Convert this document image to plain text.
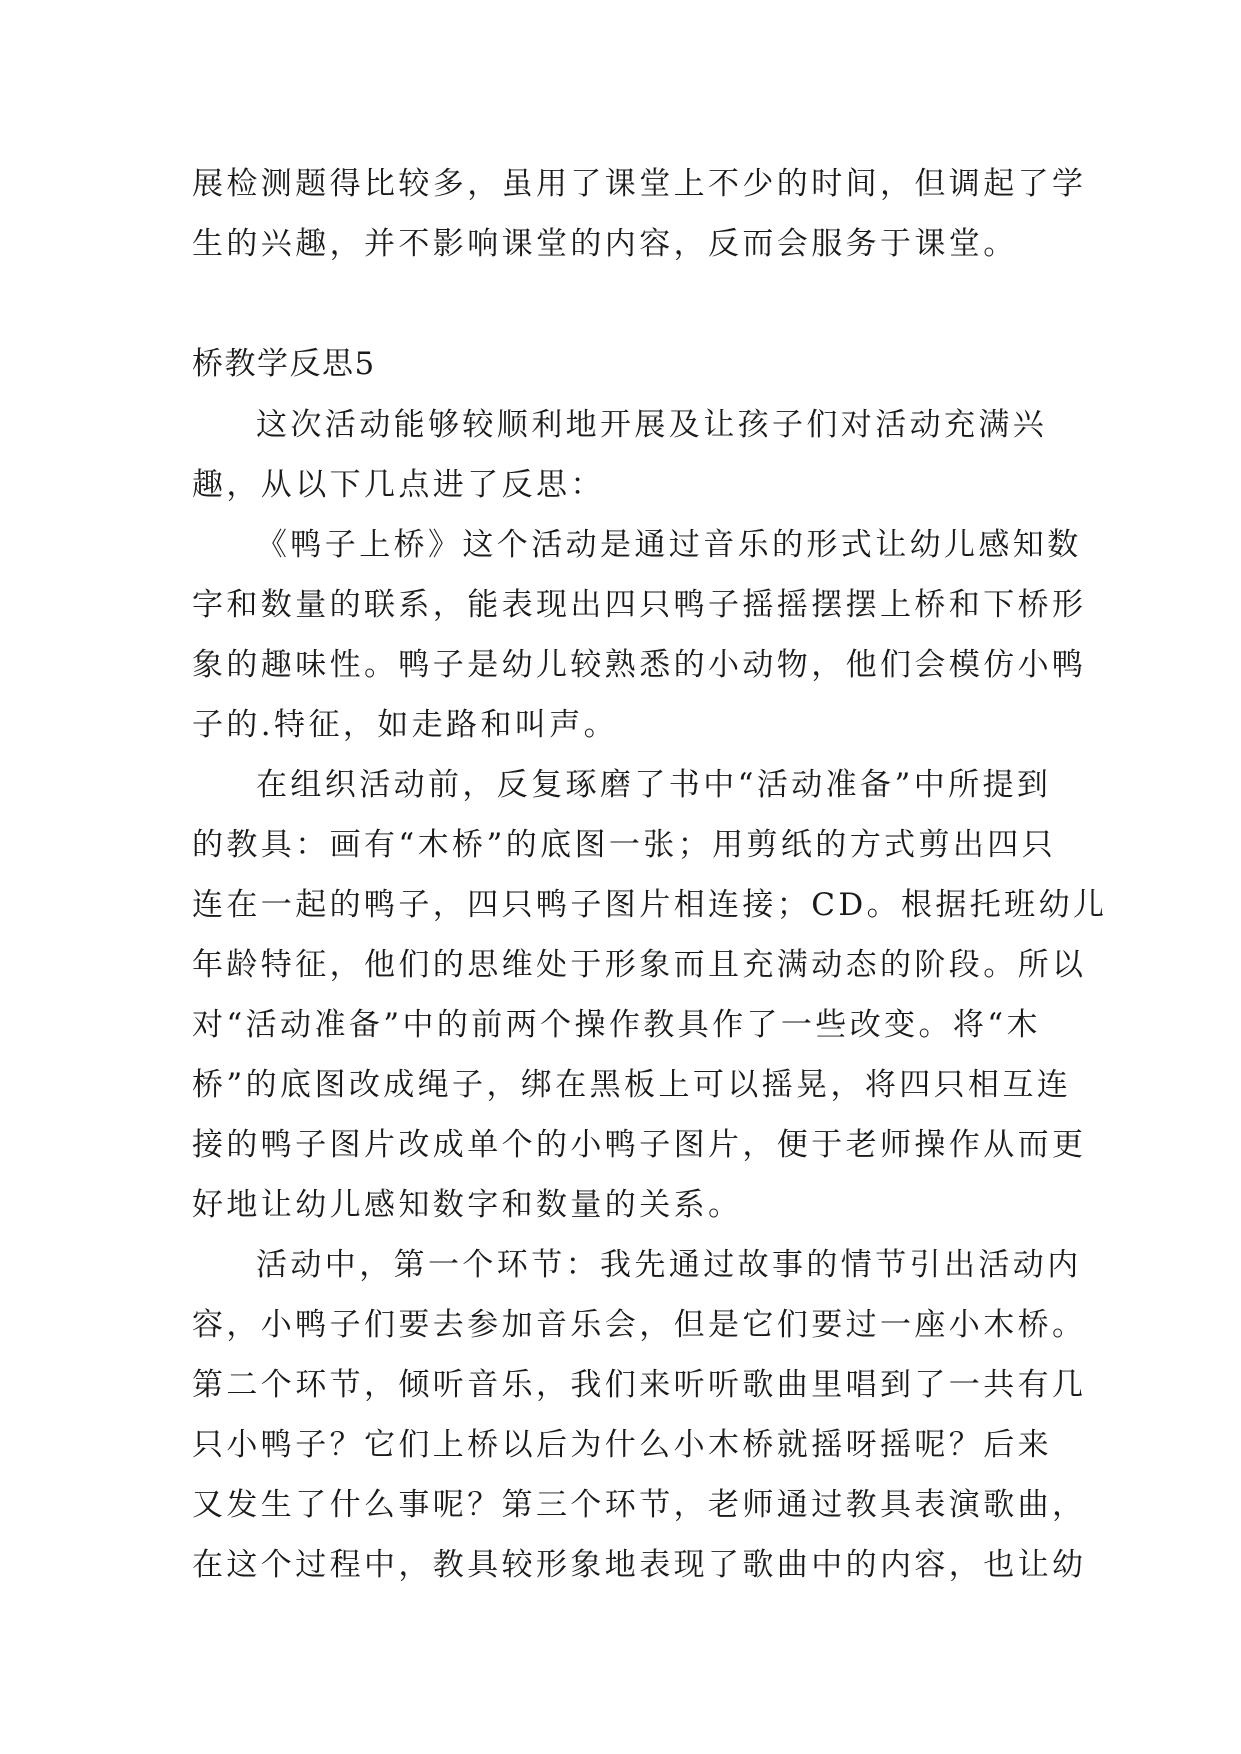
展检测题得比较多，虽用了课堂上不少的时间，但调起了学
生的兴趣，并不影响课堂的内容，反而会服务于课堂。
桥教学反思5
这次活动能够较顺利地开展及让孩子们对活动充满兴
趣，从以下几点进了反思：
《鸭子上桥》这个活动是通过音乐的形式让幼儿感知数
字和数量的联系，能表现出四只鸭子摇摇摆摆上桥和下桥形
象的趣味性。鸭子是幼儿较熟悉的小动物，他们会模仿小鸭
子的.特征，如走路和叫声。
在组织活动前，反复琢磨了书中“活动准备”中所提到
的教具：画有“木桥”的底图一张；用剪纸的方式剪出四只
连在一起的鸭子，四只鸭子图片相连接；CD。根据托班幼儿
年龄特征，他们的思维处于形象而且充满动态的阶段。所以
对“活动准备”中的前两个操作教具作了一些改变。将“木
桥”的底图改成绳子，绑在黑板上可以摇晃，将四只相互连
接的鸭子图片改成单个的小鸭子图片，便于老师操作从而更
好地让幼儿感知数字和数量的关系。
活动中，第一个环节：我先通过故事的情节引出活动内
容，小鸭子们要去参加音乐会，但是它们要过一座小木桥。
第二个环节，倾听音乐，我们来听听歌曲里唱到了一共有几
只小鸭子？它们上桥以后为什么小木桥就摇呀摇呢？后来
又发生了什么事呢？第三个环节，老师通过教具表演歌曲，
在这个过程中，教具较形象地表现了歌曲中的内容，也让幼
